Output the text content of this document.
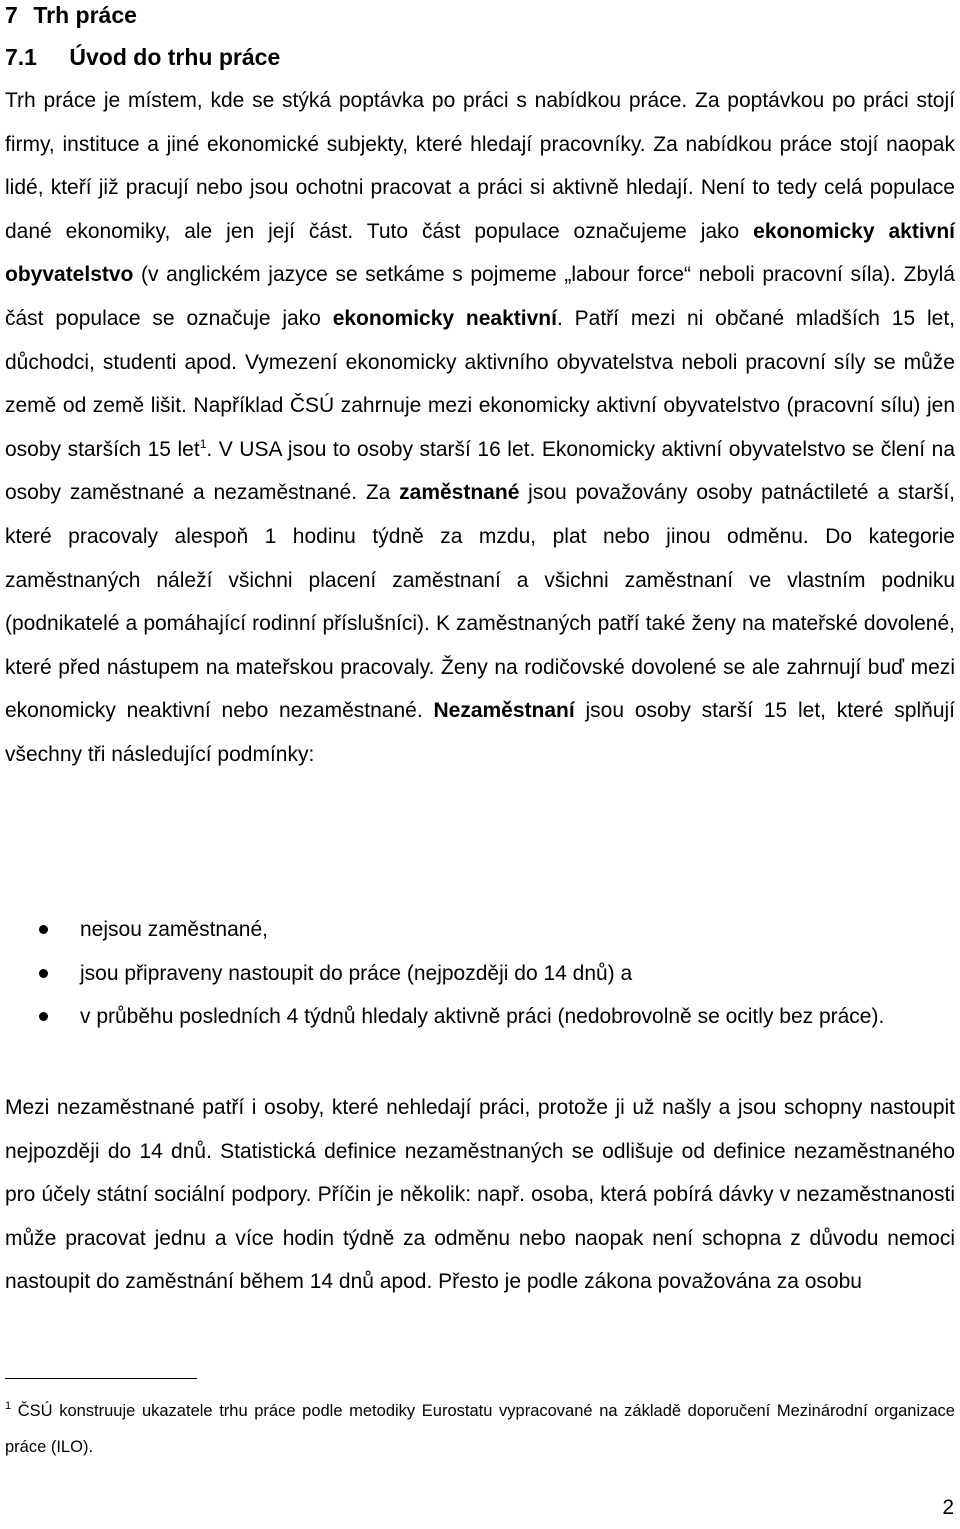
7 Trh práce
7.1 Úvod do trhu práce

Trh práce je místem, kde se stýká poptávka po práci s nabídkou práce. Za poptávkou po práci stojí firmy, instituce a jiné ekonomické subjekty, které hledají pracovníky. Za nabídkou práce stojí naopak lidé, kteří již pracují nebo jsou ochotni pracovat a práci si aktivně hledají. Není to tedy celá populace dané ekonomiky, ale jen její část. Tuto část populace označujeme jako ekonomicky aktivní obyvatelstvo (v anglickém jazyce se setkáme s pojmeme „labour force“ neboli pracovní síla). Zbylá část populace se označuje jako ekonomicky neaktivní. Patří mezi ni občané mladších 15 let, důchodci, studenti apod. Vymezení ekonomicky aktivního obyvatelstva neboli pracovní síly se může země od země lišit. Například ČSÚ zahrnuje mezi ekonomicky aktivní obyvatelstvo (pracovní sílu) jen osoby starších 15 let$^1$. V USA jsou to osoby starší 16 let. Ekonomicky aktivní obyvatelstvo se člení na osoby zaměstnané a nezaměstnané. Za zaměstnané jsou považovány osoby patnáctileté a starší, které pracovaly alespoň 1 hodinu týdně za mzdu, plat nebo jinou odměnu. Do kategorie zaměstnaných náleží všichni placení zaměstnaní a všichni zaměstnaní ve vlastním podniku (podnikatelé a pomáhající rodinní příslušníci). K zaměstnaných patří také ženy na mateřské dovolené, které před nástupem na mateřskou pracovaly. Ženy na rodičovské dovolené se ale zahrnují buď mezi ekonomicky neaktivní nebo nezaměstnané. Nezaměstnaní jsou osoby starší 15 let, které splňují všechny tři následující podmínky:

nejsou zaměstnané,
jsou připraveny nastoupit do práce (nejpozději do 14 dnů) a
v průběhu posledních 4 týdnů hledaly aktivně práci (nedobrovolně se ocitly bez práce).

Mezi nezaměstnané patří i osoby, které nehledají práci, protože ji už našly a jsou schopny nastoupit nejpozději do 14 dnů. Statistická definice nezaměstnaných se odlišuje od definice nezaměstnaného pro účely státní sociální podpory. Příčin je několik: např. osoba, která pobírá dávky v nezaměstnanosti může pracovat jednu a více hodin týdně za odměnu nebo naopak není schopna z důvodu nemoci nastoupit do zaměstnání během 14 dnů apod. Přesto je podle zákona považována za osobu

$^1$ ČSÚ konstruuje ukazatele trhu práce podle metodiky Eurostatu vypracované na základě doporučení Mezinárodní organizace práce (ILO).

2
